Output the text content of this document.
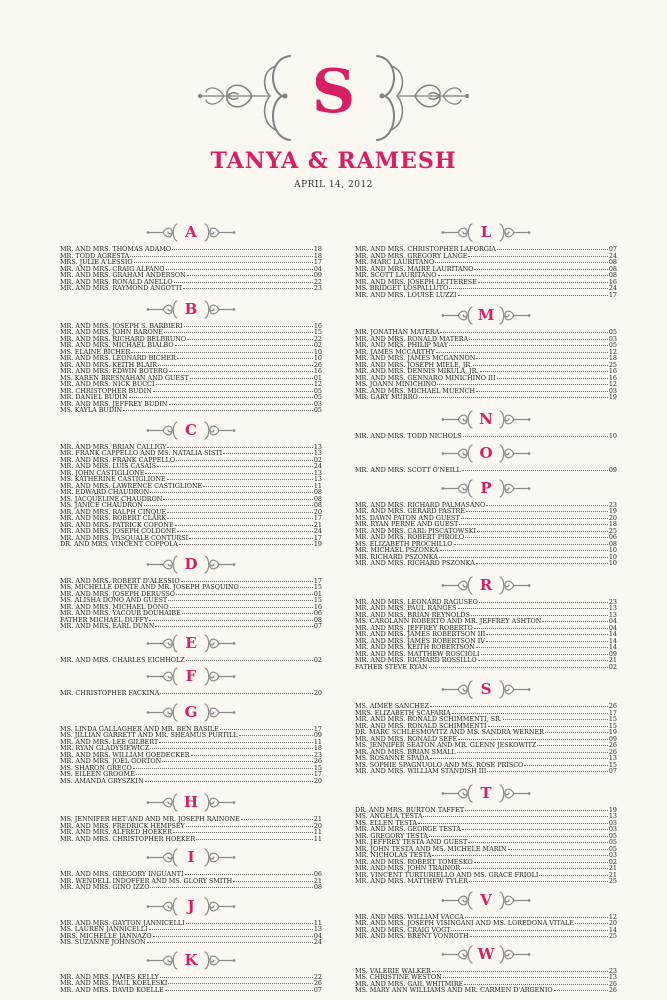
S
TANYA & RAMESH
APRIL 14, 2012
A
MR. AND MRS. THOMAS ADAMO	18
MR. TODD AGRESTA	18
MRS. JULIE A'LESSIO	17
MR. AND MRS. CRAIG ALFANO	04
MR. AND MRS. GRAHAM ANDERSON	09
MR. AND MRS. RONALD ANELLO	22
MR. AND MRS. RAYMOND ANGOTTI	23
B
MR. AND MRS. JOSEPH S. BARBIERI	16
MR. AND MRS. JOHN BARONE	15
MR. AND MRS. RICHARD BELBRUNO	22
MR. AND MRS. MICHAEL BIALBO	02
MS. ELAINE BICHER	10
MR. AND MRS. LEONARD BICHER	10
MR. AND MRS. KEITH BLAIR	26
MR. AND MRS. EDWIN BOTERO	16
MS. KAREN BRESNAHAN AND GUEST	01
MR. AND MRS. NICK BUCCI	12
MR. CHRISTOPHER BUDIN	05
MR. DANIEL BUDIN	05
MR. AND MRS. JEFFREY BUDIN	03
MS. KAYLA BUDIN	05
C
MR. AND MRS. BRIAN CALLIGY	13
MR. FRANK CAPPELLO AND MS. NATALIA SISTI	13
MR. AND MRS. FRANK CAPPELLO	02
MR. AND MRS. LUIS CASAIS	24
MR. JOHN CASTIGLIONE	13
MS. KATHERINE CASTIGLIONE	13
MR. AND MRS. LAWRENCE CASTIGLIONE	11
MR. EDWARD CHAUDRON	08
MS. JACQUELINE CHAUDRON	08
MS. JANICE CHAUDRON	08
MR. AND MRS. RALPH CINQUE	20
MR. AND MRS. ROBERT CLARK	17
MR. AND MRS. PATRICK COFONE	21
MR. AND MRS. JOSEPH COLDONE	24
MR. AND MRS. PASQUALE CONTURSI	17
DR. AND MRS. VINCENT COPPOLA	19
D
MR. AND MRS. ROBERT D'ALESSIO	17
MS. MICHELLE DENTE AND MR. JOSEPH PASQUINO	15
MR. AND MRS. JOSEPH DERUSSO	01
MS. ALISHA DONO AND GUEST	15
MR. AND MRS. MICHAEL DONO	16
MR. AND MRS. YACOUB DOUHAIBE	06
FATHER MICHAEL DUFFY	08
MR. AND MRS. EARL DUNN	07
E
MR. AND MRS. CHARLES EICHHOLZ	02
F
MR. CHRISTOPHER FACKINA	20
G
MS. LINDA GALLAGHER AND MR. BEN BASILE	17
MS. JILLIAN GARRETT AND MR. SHEAMUS PURTILL	09
MR. AND MRS. LEE GILBERT	11
MR. RYAN GLADYSIEWICZ	18
MR. AND MRS. WILLIAM GOEDECKER	23
MR. AND MRS. JOEL GORTON	26
MS. SHARON GRECO	15
MS. EILEEN GROOME	17
MS. AMANDA GRYSZKIN	20
H
MS. JENNIFER HET'AND AND MR. JOSEPH RAINONE	21
MR. AND MRS. FREDRICK HEMPSEY	20
MR. AND MRS. ALFRED HOEKER	11
MR. AND MRS. CHRISTOPHER HOEKER	11
I
MR. AND MRS. GREGORY INGUANTI	06
MR. WENDELL INDOFFER AND MS. GLORY SMITH	21
MR. AND MRS. GINO IZZO	08
J
MR. AND MRS. GAYTON JANNICELLI	11
MS. LAUREN JANNICELLI	13
MRS. MICHELLE JANNAZO	04
MS. SUZANNE JOHNSON	24
K
MR. AND MRS. JAMES KELLY	22
MR. AND MRS. PAUL KOELESKI	26
MR. AND MRS. DAVID KOELLE	07
L
MR. AND MRS. CHRISTOPHER LAFORGIA	07
MR. AND MRS. GREGORY LANGE	24
MR. MARC LAURITANO	08
MR. AND MRS. MAIRE LAURITANO	08
MR. SCOTT LAURITANO	08
MR. AND MRS. JOSEPH LETTERESE	16
MS. BRIDGET LOSPALLUTO	24
MR. AND MRS. LOUISE LUZZI	17
M
MR. JONATHAN MATERA	05
MR. AND MRS. RONALD MATERA	03
MR. AND MRS. PHILIP MAY	05
MR. JAMES MCCARTHY	12
MR. AND MRS. JAMES MCGANNON	18
MR. AND MRS. JOSEPH MIELE, JR.	25
MR. AND MRS. DENNIS MIKULA, JR.	16
MR. AND MRS. GENNARO MINICHINO III	16
MS. JOANN MINICHINO	12
MR. AND MRS. MICHAEL MUENCH	03
MR. GARY MURRO	19
N
MR. AND MRS. TODD NICHOLS	10
O
MR. AND MRS. SCOTT O'NEILL	09
P
MR. AND MRS. RICHARD PALMASANO	23
MR. AND MRS. GERARD PASTRE	19
MS. DAWN PATON AND GUEST	20
MR. RYAN PERNE AND GUEST	18
MR. AND MRS. CARL PISCATOWSKI	25
MR. AND MRS. ROBERT PIROLO	06
MS. ELIZABETH PROCHILLO	08
MR. MICHAEL PSZONKA	10
MR. RICHARD PSZONKA	10
MR. AND MRS. RICHARD PSZONKA	10
R
MR. AND MRS. LEONARD RAGUSEO	23
MR. AND MRS. PAUL RANGES	13
MR. AND MRS. BRIAN REYNOLDS	13
MS. CAROLANN ROBERTO AND MR. JEFFREY ASHTON	04
MR. AND MRS. JEFFREY ROBERTO	04
MR. AND MRS. JAMES ROBERTSON III	14
MR. AND MRS. JAMES ROBERTSON IV	14
MR. AND MRS. KEITH ROBERTSON	14
MR. AND MRS. MATTHEW ROSCIOLI	09
MR. AND MRS. RICHARD ROSSILLO	21
FATHER STEVE RYAN	02
S
MS. AIMEE SANCHEZ	26
MRS. ELIZABETH SCAFARIA	17
MR. AND MRS. RONALD SCHIMMENTI, SR.	15
MR. AND MRS. RONALD SCHIMMENTI	15
DR. MARC SCHLESMOVITZ AND MS. SANDRA WERNER	19
MR. AND MRS. RONALD SEFE	09
MS. JENNIFER SEATON AND MR. GLENN JESKOWITZ	26
MR. AND MRS. BRIAN SMALL	26
MS. ROSANNE SPADA	13
MS. SOPHIE SPAGNUOLO AND MS. ROSE PRISCO	15
MR. AND MRS. WILLIAM STANDISH III	07
T
DR. AND MRS. BURTON TAFFET	19
MS. ANGELA TESTA	13
MS. ELLEN TESTA	03
MR. AND MRS. GEORGE TESTA	03
MR. GREGORY TESTA	05
MR. JEFFREY TESTA AND GUEST	05
MR. JOHN TESTA AND MS. MICHELE MARIN	05
MR. NICHOLAS TESTA	03
MR. AND MRS. ROBERT TOMESKO	02
MR. AND MRS. JOHN TRAINOR	21
MR. VINCENT TURTURIELLO AND MS. GRACE FRIOLI	21
MR. AND MRS. MATTHEW TYLER	25
V
MR. AND MRS. WILLIAM VACCA	12
MR. AND MRS. JOSEPH VISINGANI AND MS. LOREDONA VITALE	20
MR. AND MRS. CRAIG VOGT	14
MR. AND MRS. BRENT VONROTH	25
W
MS. VALERIE WALKER	23
MS. CHRISTINE WESTON	13
MR. AND MRS. GAIL WHITMIRE	26
MS. MARY ANN WILLIAMS AND MR. CARMEN D'ARGENIO	26
